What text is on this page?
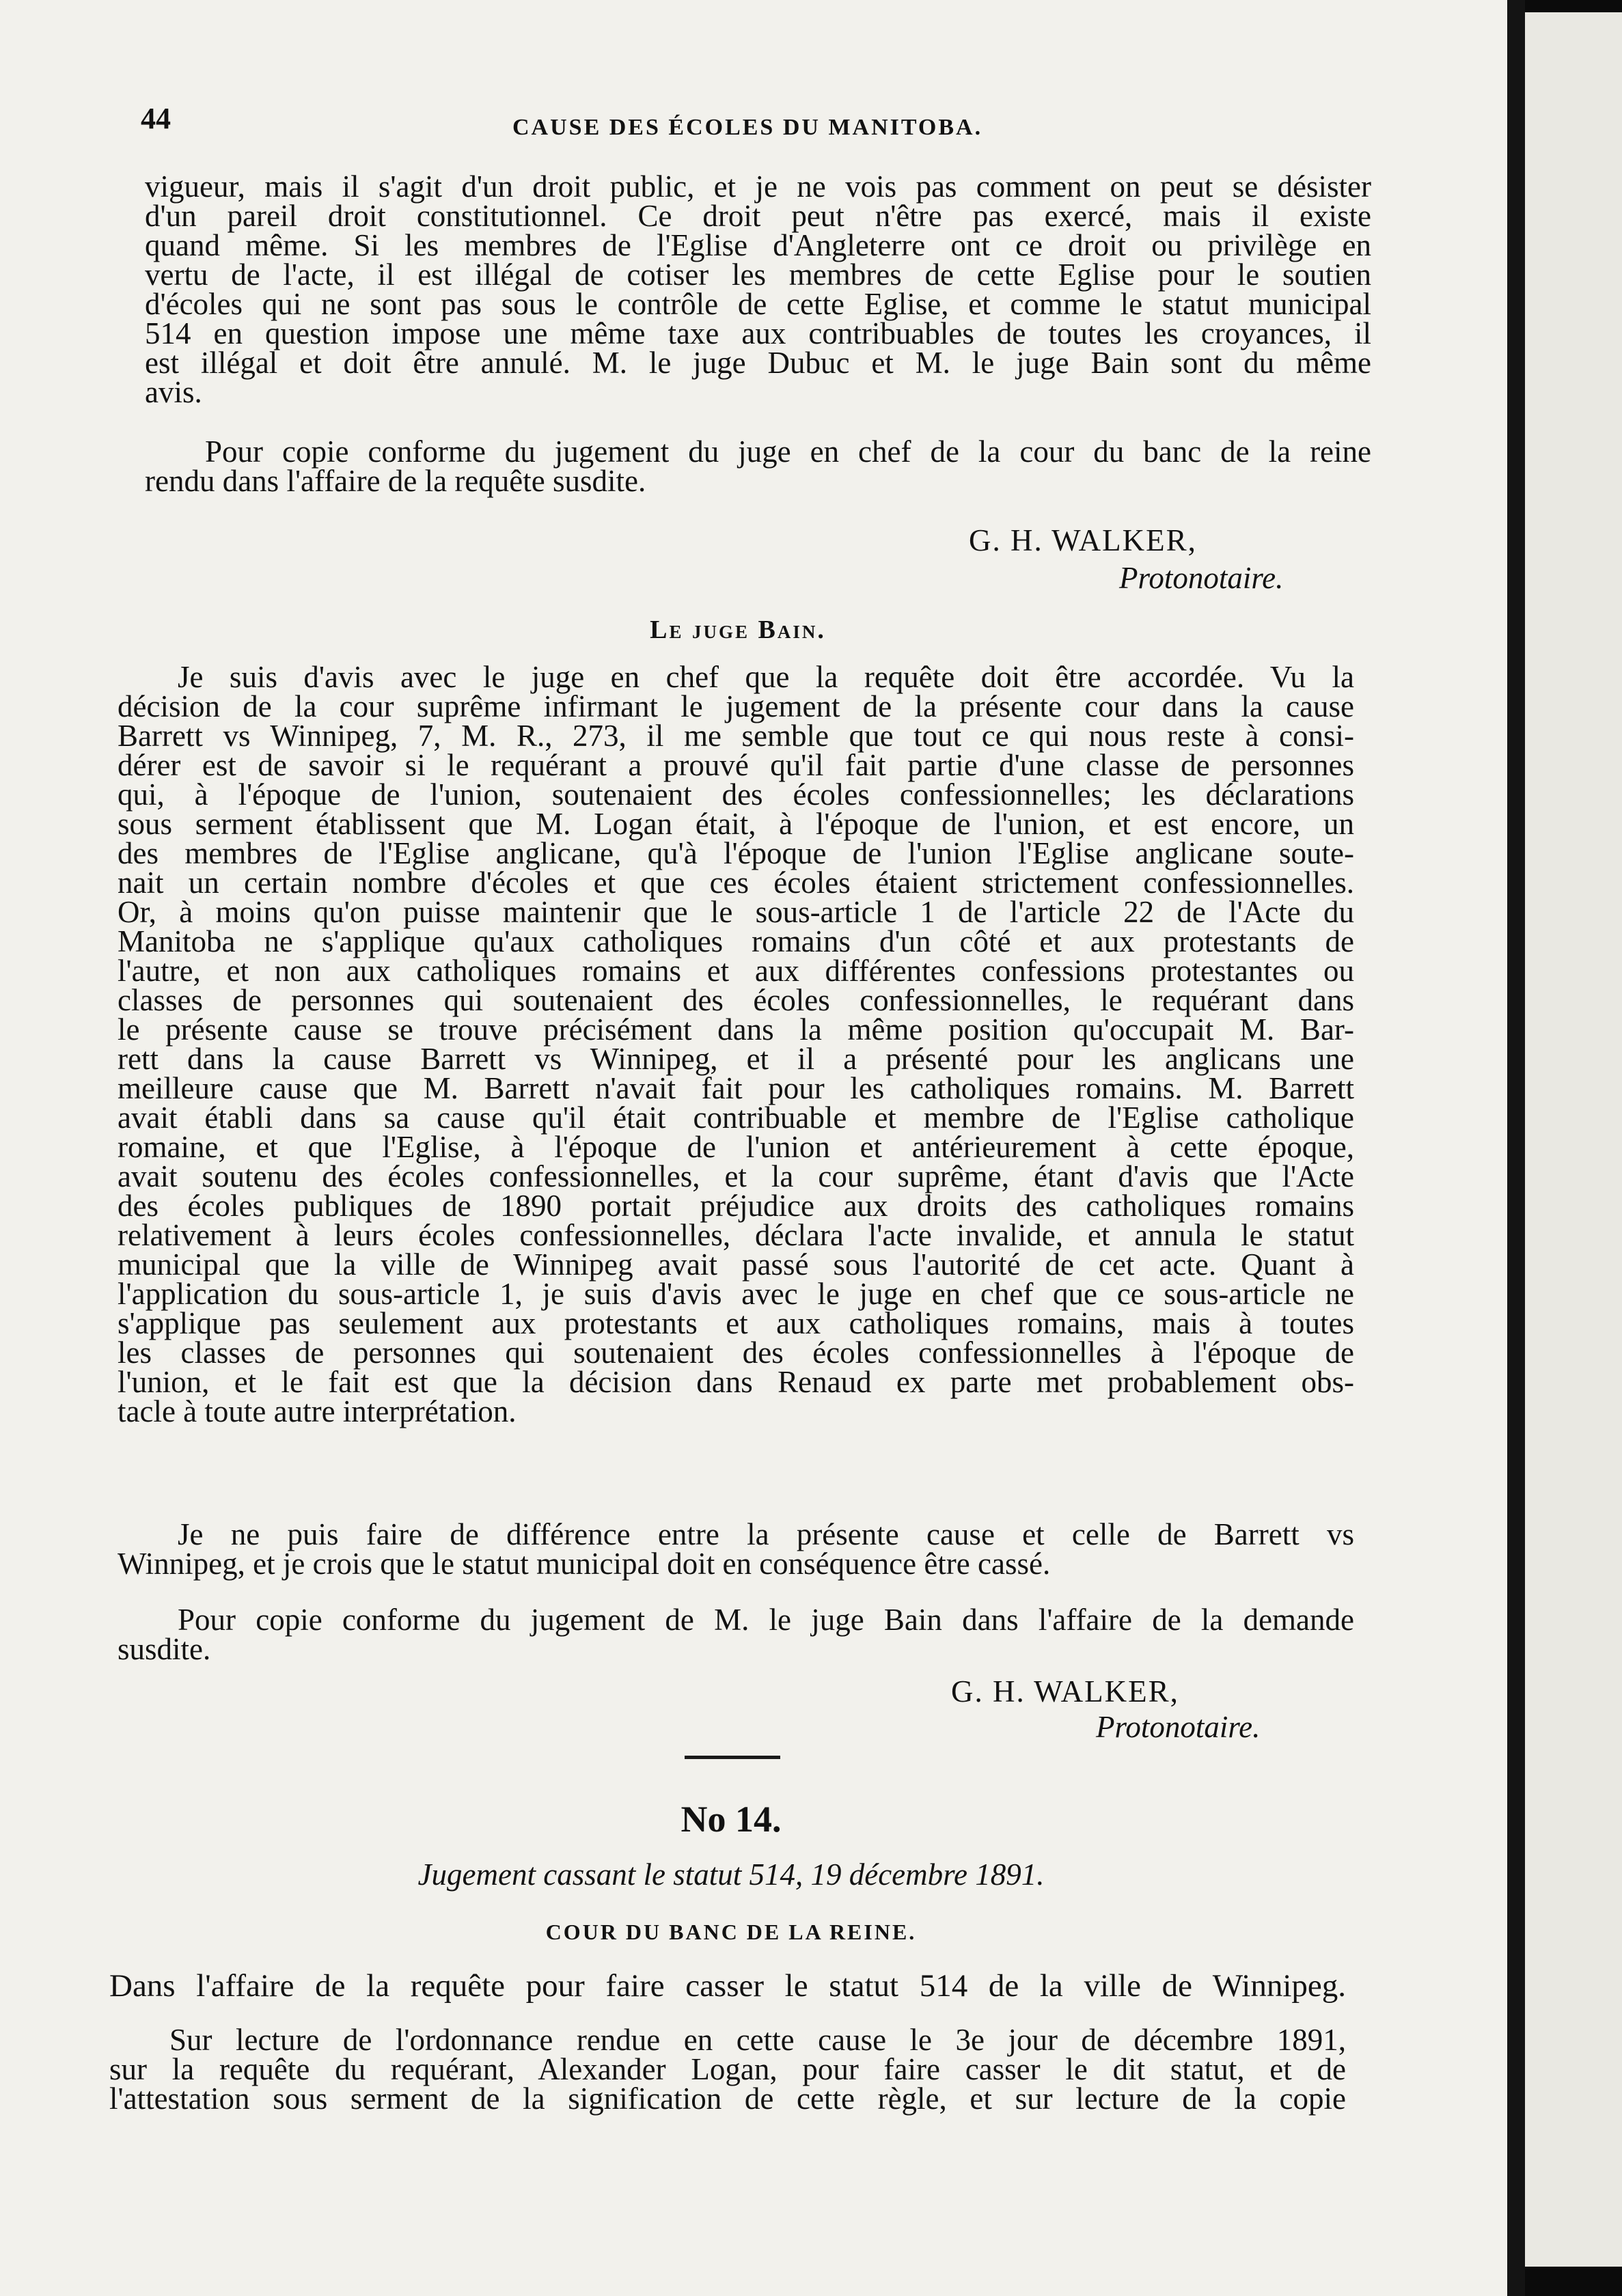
44	CAUSE DES ÉCOLES DU MANITOBA.
vigueur, mais il s'agit d'un droit public, et je ne vois pas comment on peut se désister
d'un pareil droit constitutionnel. Ce droit peut n'être pas exercé, mais il existe
quand même. Si les membres de l'Eglise d'Angleterre ont ce droit ou privilège en
vertu de l'acte, il est illégal de cotiser les membres de cette Eglise pour le soutien
d'écoles qui ne sont pas sous le contrôle de cette Eglise, et comme le statut municipal
514 en question impose une même taxe aux contribuables de toutes les croyances, il
est illégal et doit être annulé. M. le juge Dubuc et M. le juge Bain sont du même
avis.
Pour copie conforme du jugement du juge en chef de la cour du banc de la reine
rendu dans l'affaire de la requête susdite.
G. H. WALKER,
Protonotaire.
Le juge Bain.
Je suis d'avis avec le juge en chef que la requête doit être accordée. Vu la
décision de la cour suprême infirmant le jugement de la présente cour dans la cause
Barrett vs Winnipeg, 7, M. R., 273, il me semble que tout ce qui nous reste à consi-
dérer est de savoir si le requérant a prouvé qu'il fait partie d'une classe de personnes
qui, à l'époque de l'union, soutenaient des écoles confessionnelles; les déclarations
sous serment établissent que M. Logan était, à l'époque de l'union, et est encore, un
des membres de l'Eglise anglicane, qu'à l'époque de l'union l'Eglise anglicane soute-
nait un certain nombre d'écoles et que ces écoles étaient strictement confessionnelles.
Or, à moins qu'on puisse maintenir que le sous-article 1 de l'article 22 de l'Acte du
Manitoba ne s'applique qu'aux catholiques romains d'un côté et aux protestants de
l'autre, et non aux catholiques romains et aux différentes confessions protestantes ou
classes de personnes qui soutenaient des écoles confessionnelles, le requérant dans
le présente cause se trouve précisément dans la même position qu'occupait M. Bar-
rett dans la cause Barrett vs Winnipeg, et il a présenté pour les anglicans une
meilleure cause que M. Barrett n'avait fait pour les catholiques romains. M. Barrett
avait établi dans sa cause qu'il était contribuable et membre de l'Eglise catholique
romaine, et que l'Eglise, à l'époque de l'union et antérieurement à cette époque,
avait soutenu des écoles confessionnelles, et la cour suprême, étant d'avis que l'Acte
des écoles publiques de 1890 portait préjudice aux droits des catholiques romains
relativement à leurs écoles confessionnelles, déclara l'acte invalide, et annula le statut
municipal que la ville de Winnipeg avait passé sous l'autorité de cet acte. Quant à
l'application du sous-article 1, je suis d'avis avec le juge en chef que ce sous-article ne
s'applique pas seulement aux protestants et aux catholiques romains, mais à toutes
les classes de personnes qui soutenaient des écoles confessionnelles à l'époque de
l'union, et le fait est que la décision dans Renaud ex parte met probablement obs-
tacle à toute autre interprétation.
Je ne puis faire de différence entre la présente cause et celle de Barrett vs
Winnipeg, et je crois que le statut municipal doit en conséquence être cassé.
Pour copie conforme du jugement de M. le juge Bain dans l'affaire de la demande
susdite.
G. H. WALKER,
Protonotaire.
No 14.
Jugement cassant le statut 514, 19 décembre 1891.
COUR DU BANC DE LA REINE.
Dans l'affaire de la requête pour faire casser le statut 514 de la ville de Winnipeg.
Sur lecture de l'ordonnance rendue en cette cause le 3e jour de décembre 1891,
sur la requête du requérant, Alexander Logan, pour faire casser le dit statut, et de
l'attestation sous serment de la signification de cette règle, et sur lecture de la copie
